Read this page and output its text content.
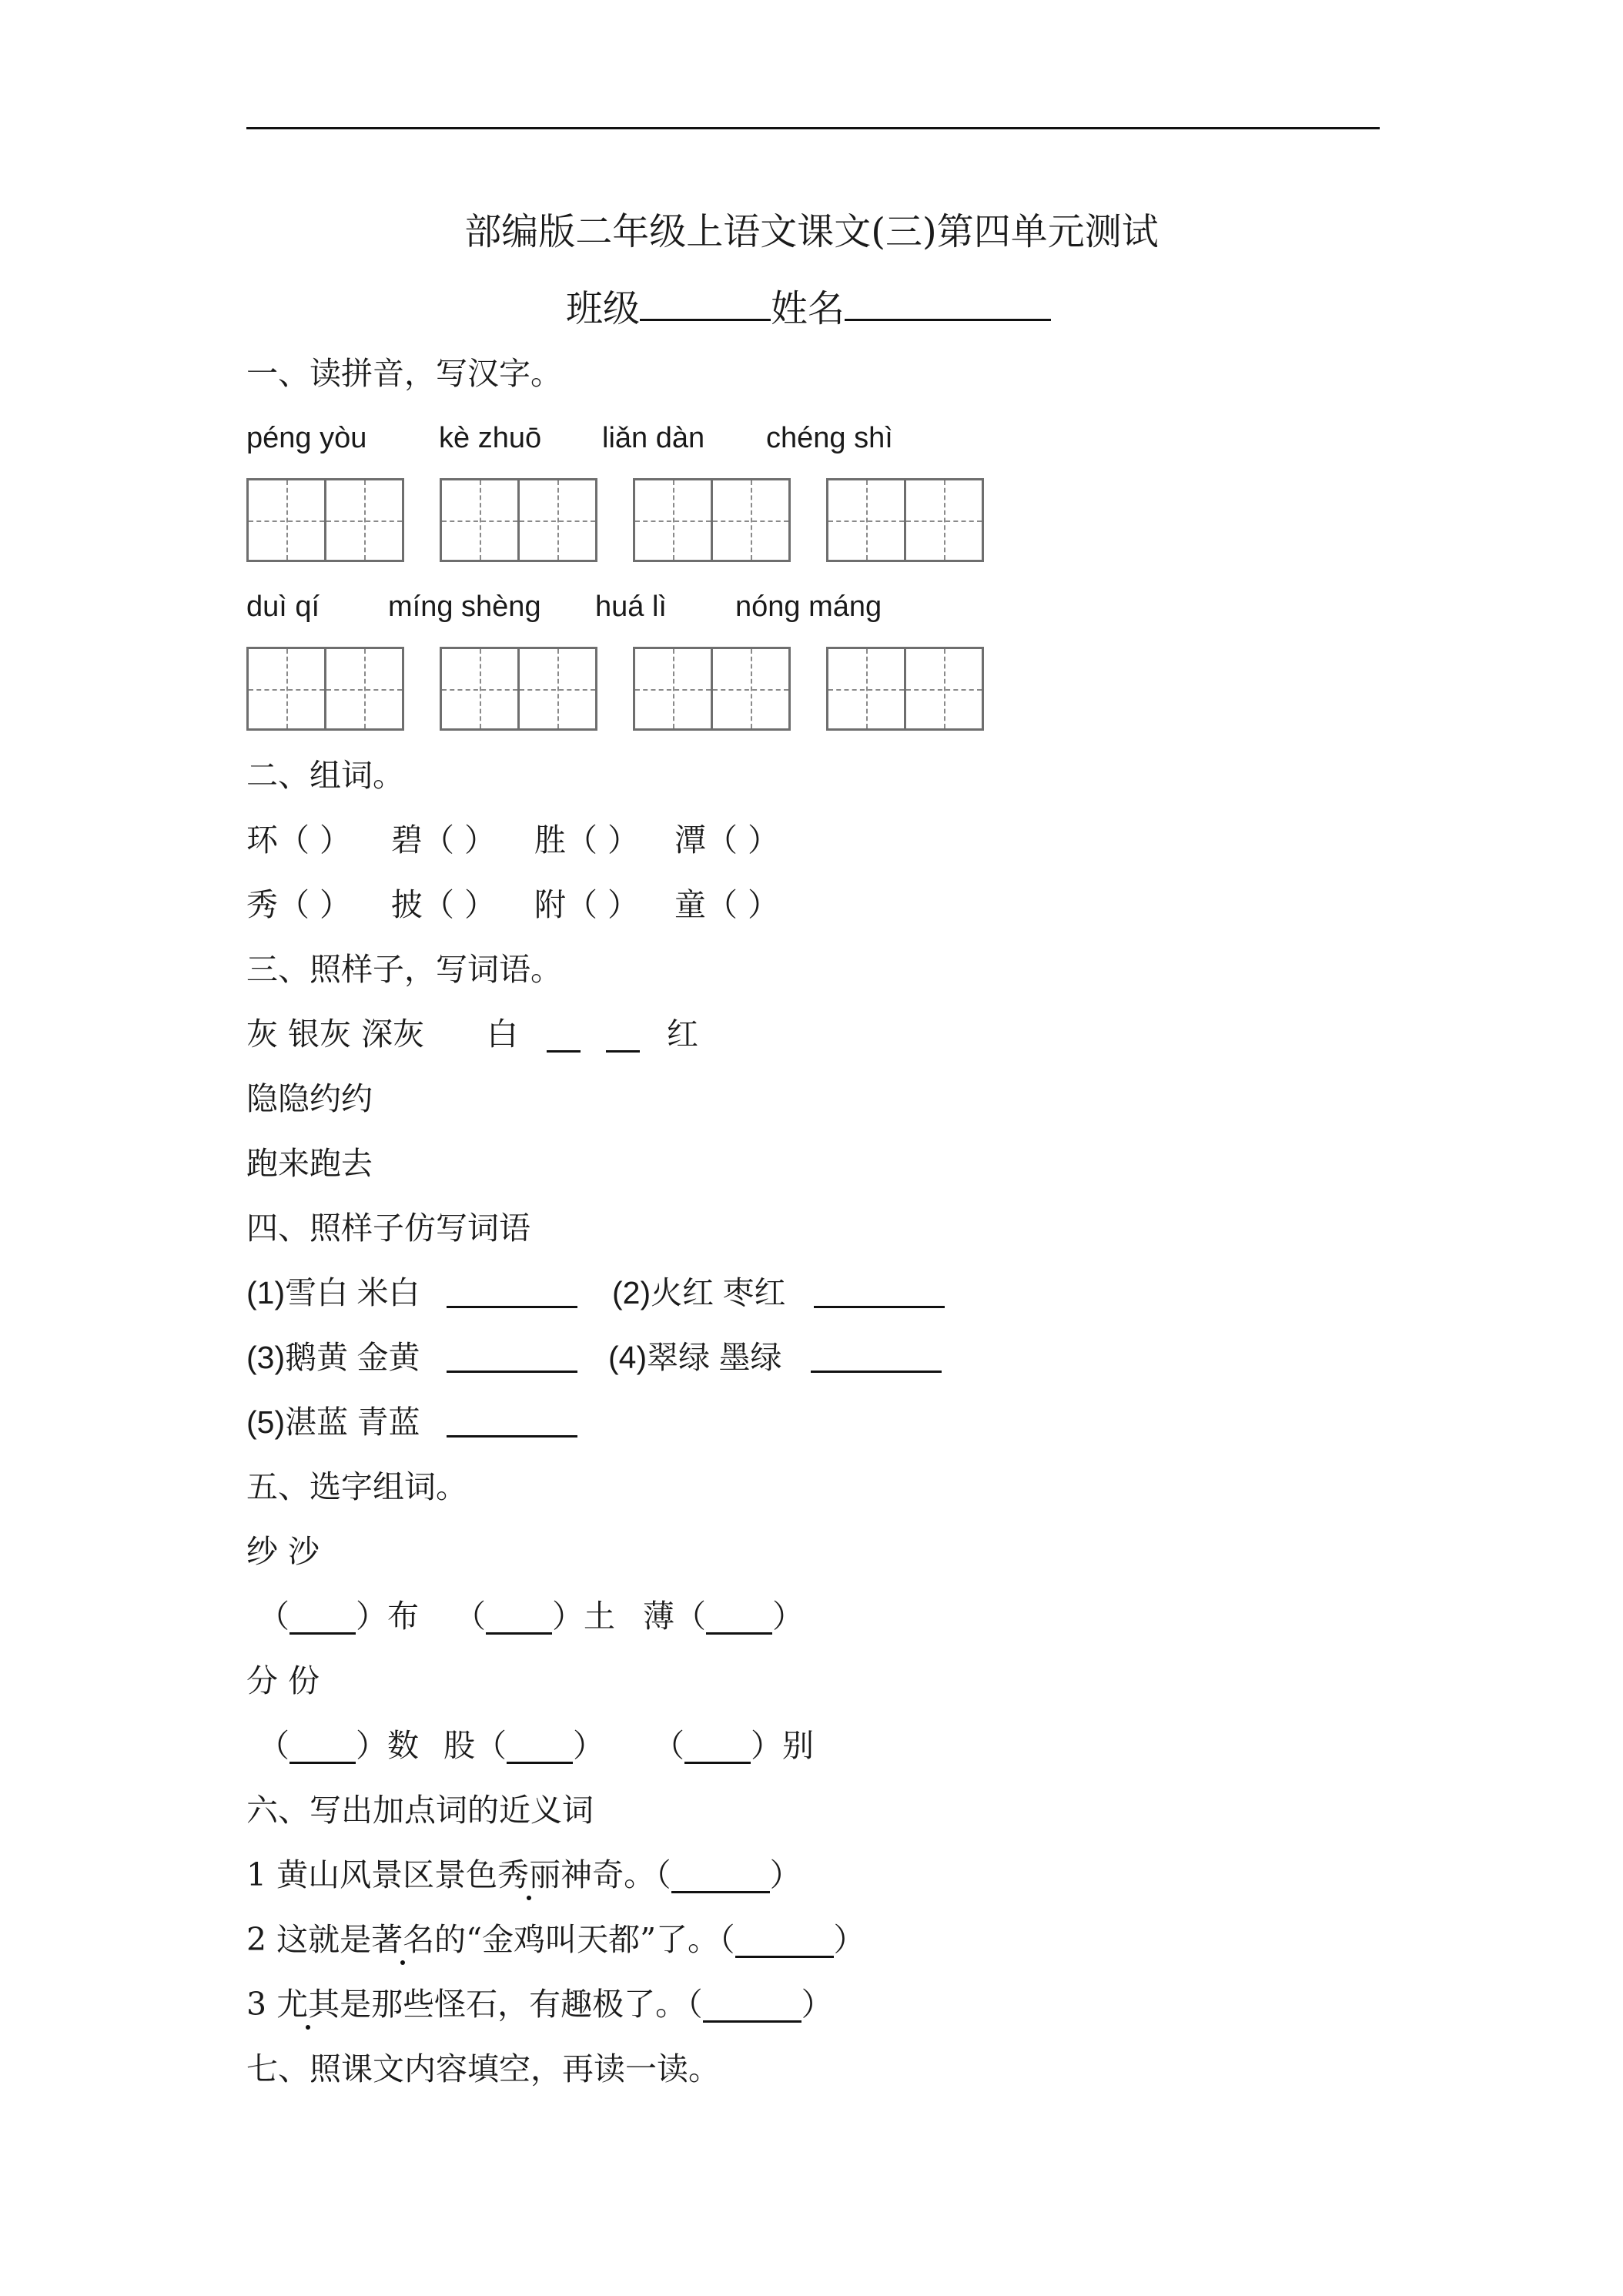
部编版二年级上语文课文(三)第四单元测试
班级	姓名
一、读拼音，写汉字。
péng yòu kè zhuō liǎn dàn chéng shì
duì qí míng shèng huá lì nóng máng
二、组词。
环（ ） 碧（ ） 胜（ ） 潭（ ）
秀（ ） 披（ ） 附（ ） 童（ ）
三、照样子，写词语。
灰 银灰 深灰 白	红
隐隐约约
跑来跑去
四、照样子仿写词语
(1)雪白 米白	(2)火红 枣红
(3)鹅黄 金黄	(4)翠绿 墨绿
(5)湛蓝 青蓝
五、选字组词。
纱 沙
（ ）布 （ ）土 薄（ ）
分 份
（ ）数 股（ ） （ ）别
六、写出加点词的近义词
1 黄山风景区景色秀丽神奇。（	）
2 这就是著名的“金鸡叫天都”了。（	）
3 尤其是那些怪石，有趣极了。（	）
七、照课文内容填空，再读一读。
